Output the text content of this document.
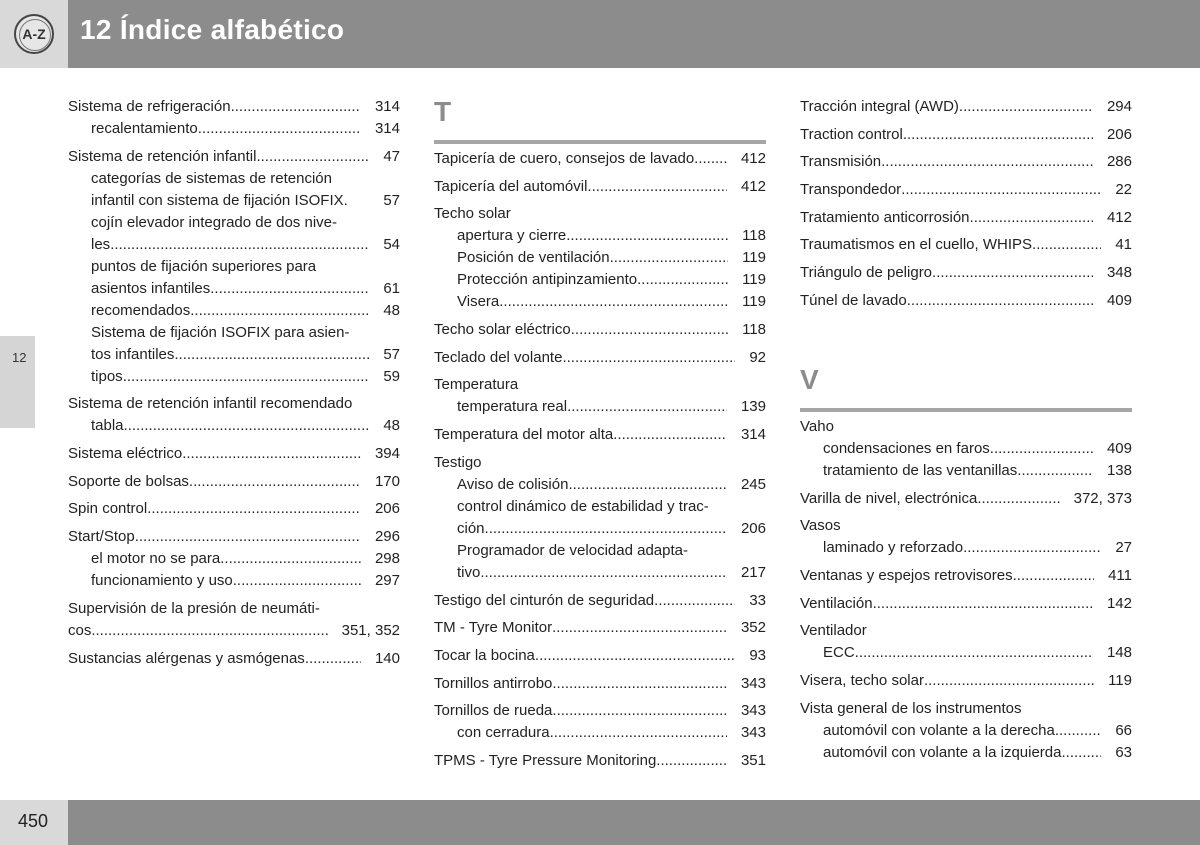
A-Z 12 Índice alfabético
12
Sistema de refrigeración .....	314
recalentamiento .....	314
Sistema de retención infantil .....	47
categorías de sistemas de retención
infantil con sistema de fijación ISOFIX.	57
cojín elevador integrado de dos nive-
les .....	54
puntos de fijación superiores para
asientos infantiles .....	61
recomendados .....	48
Sistema de fijación ISOFIX para asien-
tos infantiles .....	57
tipos .....	59
Sistema de retención infantil recomendado
tabla .....	48
Sistema eléctrico .....	394
Soporte de bolsas .....	170
Spin control .....	206
Start/Stop .....	296
el motor no se para .....	298
funcionamiento y uso .....	297
Supervisión de la presión de neumáti-
cos .....	351, 352
Sustancias alérgenas y asmógenas .....	140
T
Tapicería de cuero, consejos de lavado .....	412
Tapicería del automóvil .....	412
Techo solar
apertura y cierre .....	118
Posición de ventilación .....	119
Protección antipinzamiento .....	119
Visera .....	119
Techo solar eléctrico .....	118
Teclado del volante .....	92
Temperatura
temperatura real .....	139
Temperatura del motor alta .....	314
Testigo
Aviso de colisión .....	245
control dinámico de estabilidad y trac-
ción .....	206
Programador de velocidad adapta-
tivo .....	217
Testigo del cinturón de seguridad .....	33
TM - Tyre Monitor .....	352
Tocar la bocina .....	93
Tornillos antirrobo .....	343
Tornillos de rueda .....	343
con cerradura .....	343
TPMS - Tyre Pressure Monitoring .....	351
Tracción integral (AWD) .....	294
Traction control .....	206
Transmisión .....	286
Transpondedor .....	22
Tratamiento anticorrosión .....	412
Traumatismos en el cuello, WHIPS .....	41
Triángulo de peligro .....	348
Túnel de lavado .....	409
V
Vaho
condensaciones en faros .....	409
tratamiento de las ventanillas .....	138
Varilla de nivel, electrónica .....	372, 373
Vasos
laminado y reforzado .....	27
Ventanas y espejos retrovisores .....	411
Ventilación .....	142
Ventilador
ECC .....	148
Visera, techo solar .....	119
Vista general de los instrumentos
automóvil con volante a la derecha .....	66
automóvil con volante a la izquierda .....	63
450
